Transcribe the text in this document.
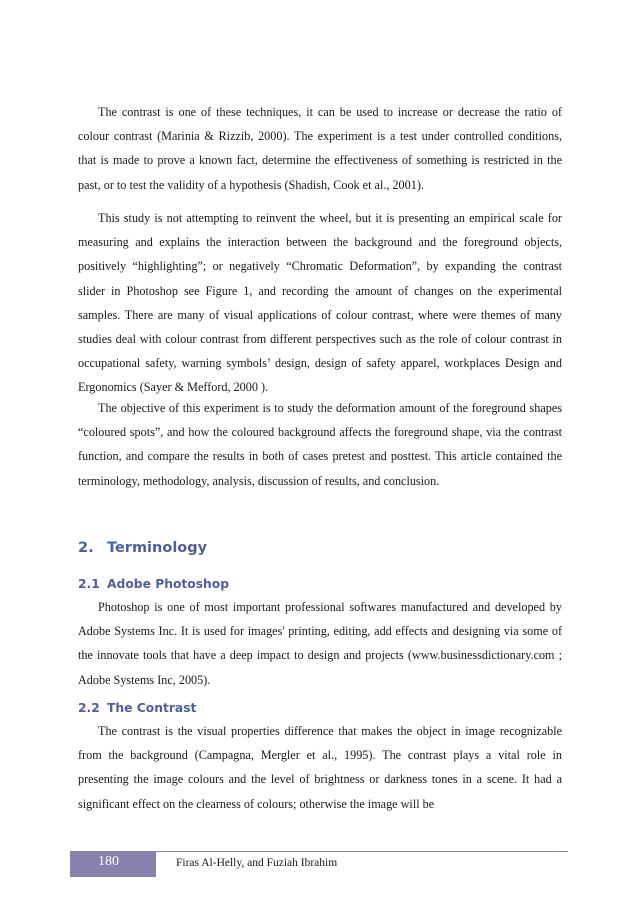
The contrast is one of these techniques, it can be used to increase or decrease the ratio of colour contrast (Marinia & Rizzib, 2000). The experiment is a test under controlled conditions, that is made to prove a known fact, determine the effectiveness of something is restricted in the past, or to test the validity of a hypothesis (Shadish, Cook et al., 2001).

This study is not attempting to reinvent the wheel, but it is presenting an empirical scale for measuring and explains the interaction between the background and the foreground objects, positively “highlighting”; or negatively “Chromatic Deformation”, by expanding the contrast slider in Photoshop see Figure 1, and recording the amount of changes on the experimental samples. There are many of visual applications of colour contrast, where were themes of many studies deal with colour contrast from different perspectives such as the role of colour contrast in occupational safety, warning symbols’ design, design of safety apparel, workplaces Design and Ergonomics (Sayer & Mefford, 2000 ).

The objective of this experiment is to study the deformation amount of the foreground shapes “coloured spots”, and how the coloured background affects the foreground shape, via the contrast function, and compare the results in both of cases pretest and posttest. This article contained the terminology, methodology, analysis, discussion of results, and conclusion.

2. Terminology
2.1 Adobe Photoshop

Photoshop is one of most important professional softwares manufactured and developed by Adobe Systems Inc. It is used for images' printing, editing, add effects and designing via some of the innovate tools that have a deep impact to design and projects (www.businessdictionary.com ; Adobe Systems Inc, 2005).

2.2 The Contrast

The contrast is the visual properties difference that makes the object in image recognizable from the background (Campagna, Mergler et al., 1995). The contrast plays a vital role in presenting the image colours and the level of brightness or darkness tones in a scene. It had a significant effect on the clearness of colours; otherwise the image will be

180	Firas Al-Helly, and Fuziah Ibrahim
